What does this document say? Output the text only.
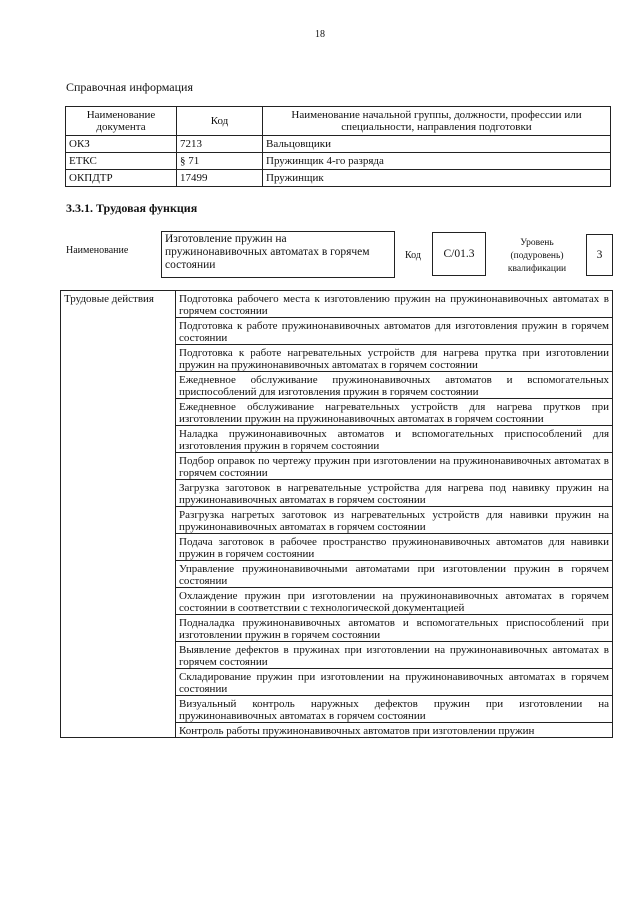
18
Справочная информация
Наименование документа	Код	Наименование начальной группы, должности, профессии или специальности, направления подготовки
ОКЗ	7213	Вальцовщики
ЕТКС	§ 71	Пружинщик 4-го разряда
ОКПДТР	17499	Пружинщик
3.3.1. Трудовая функция
Наименование
Изготовление пружин на пружинонавивочных автоматах в горячем состоянии
Код	C/01.3
Уровень (подуровень) квалификации
3
Трудовые действия	Подготовка рабочего места к изготовлению пружин на пружинонавивочных автоматах в горячем состоянии
Подготовка к работе пружинонавивочных автоматов для изготовления пружин в горячем состоянии
Подготовка к работе нагревательных устройств для нагрева прутка при изготовлении пружин на пружинонавивочных автоматах в горячем состоянии
Ежедневное обслуживание пружинонавивочных автоматов и вспомогательных приспособлений для изготовления пружин в горячем состоянии
Ежедневное обслуживание нагревательных устройств для нагрева прутков при изготовлении пружин на пружинонавивочных автоматах в горячем состоянии
Наладка пружинонавивочных автоматов и вспомогательных приспособлений для изготовления пружин в горячем состоянии
Подбор оправок по чертежу пружин при изготовлении на пружинонавивочных автоматах в горячем состоянии
Загрузка заготовок в нагревательные устройства для нагрева под навивку пружин на пружинонавивочных автоматах в горячем состоянии
Разгрузка нагретых заготовок из нагревательных устройств для навивки пружин на пружинонавивочных автоматах в горячем состоянии
Подача заготовок в рабочее пространство пружинонавивочных автоматов для навивки пружин в горячем состоянии
Управление пружинонавивочными автоматами при изготовлении пружин в горячем состоянии
Охлаждение пружин при изготовлении на пружинонавивочных автоматах в горячем состоянии в соответствии с технологической документацией
Подналадка пружинонавивочных автоматов и вспомогательных приспособлений при изготовлении пружин в горячем состоянии
Выявление дефектов в пружинах при изготовлении на пружинонавивочных автоматах в горячем состоянии
Складирование пружин при изготовлении на пружинонавивочных автоматах в горячем состоянии
Визуальный контроль наружных дефектов пружин при изготовлении на пружинонавивочных автоматах в горячем состоянии
Контроль работы пружинонавивочных автоматов при изготовлении пружин
